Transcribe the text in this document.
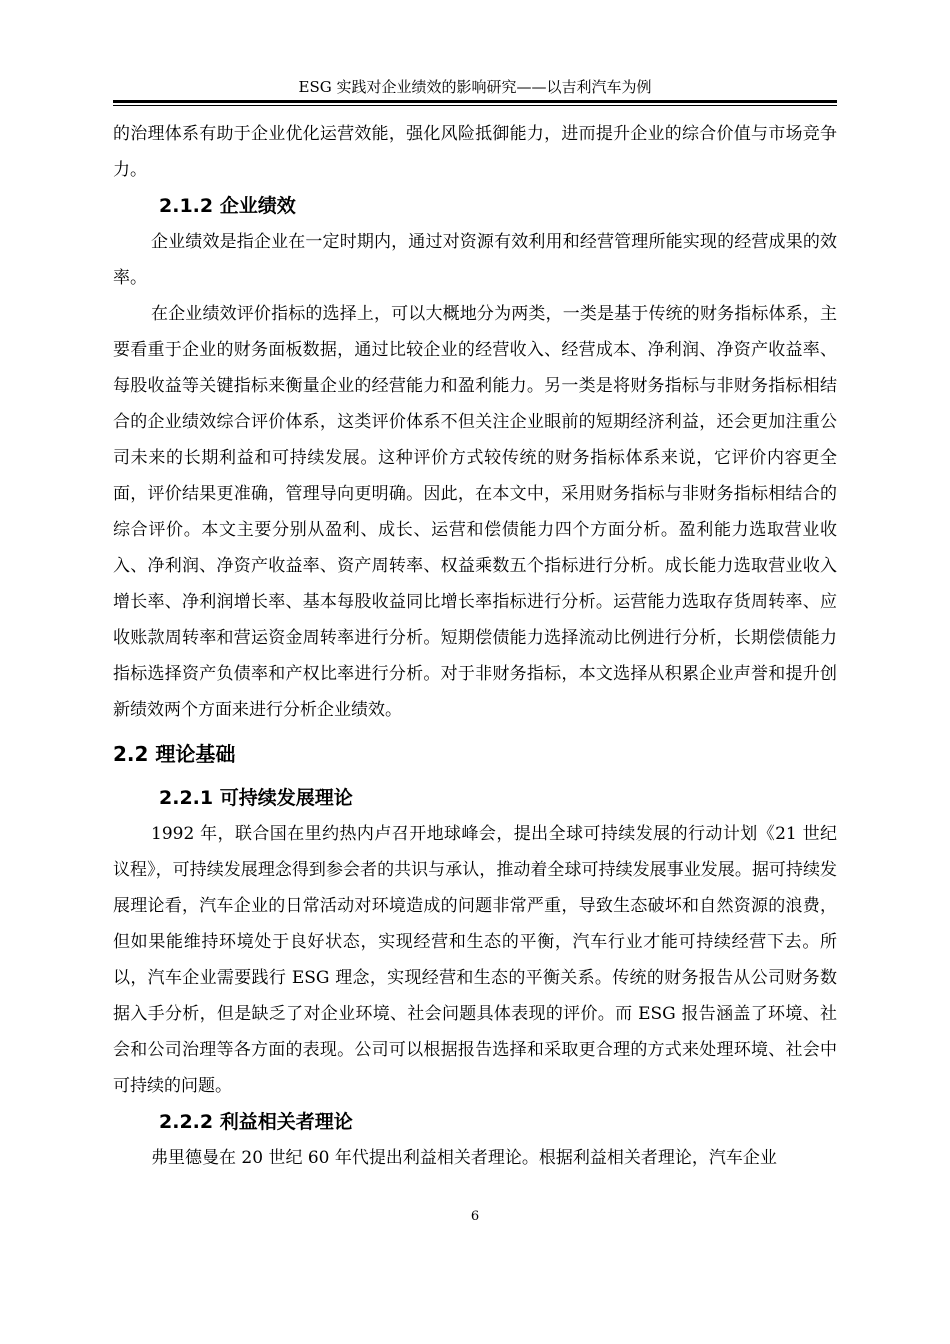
ESG 实践对企业绩效的影响研究——以吉利汽车为例

的治理体系有助于企业优化运营效能，强化风险抵御能力，进而提升企业的综合价值与市场竞争力。

2.1.2 企业绩效

企业绩效是指企业在一定时期内，通过对资源有效利用和经营管理所能实现的经营成果的效率。

在企业绩效评价指标的选择上，可以大概地分为两类，一类是基于传统的财务指标体系，主要看重于企业的财务面板数据，通过比较企业的经营收入、经营成本、净利润、净资产收益率、每股收益等关键指标来衡量企业的经营能力和盈利能力。另一类是将财务指标与非财务指标相结合的企业绩效综合评价体系，这类评价体系不但关注企业眼前的短期经济利益，还会更加注重公司未来的长期利益和可持续发展。这种评价方式较传统的财务指标体系来说，它评价内容更全面，评价结果更准确，管理导向更明确。因此，在本文中，采用财务指标与非财务指标相结合的综合评价。本文主要分别从盈利、成长、运营和偿债能力四个方面分析。盈利能力选取营业收入、净利润、净资产收益率、资产周转率、权益乘数五个指标进行分析。成长能力选取营业收入增长率、净利润增长率、基本每股收益同比增长率指标进行分析。运营能力选取存货周转率、应收账款周转率和营运资金周转率进行分析。短期偿债能力选择流动比例进行分析，长期偿债能力指标选择资产负债率和产权比率进行分析。对于非财务指标，本文选择从积累企业声誉和提升创新绩效两个方面来进行分析企业绩效。

2.2 理论基础
2.2.1 可持续发展理论

1992 年，联合国在里约热内卢召开地球峰会，提出全球可持续发展的行动计划《21 世纪议程》，可持续发展理念得到参会者的共识与承认，推动着全球可持续发展事业发展。据可持续发展理论看，汽车企业的日常活动对环境造成的问题非常严重，导致生态破坏和自然资源的浪费，但如果能维持环境处于良好状态，实现经营和生态的平衡，汽车行业才能可持续经营下去。所以，汽车企业需要践行 ESG 理念，实现经营和生态的平衡关系。传统的财务报告从公司财务数据入手分析，但是缺乏了对企业环境、社会问题具体表现的评价。而 ESG 报告涵盖了环境、社会和公司治理等各方面的表现。公司可以根据报告选择和采取更合理的方式来处理环境、社会中可持续的问题。

2.2.2 利益相关者理论

弗里德曼在 20 世纪 60 年代提出利益相关者理论。根据利益相关者理论，汽车企业

6
